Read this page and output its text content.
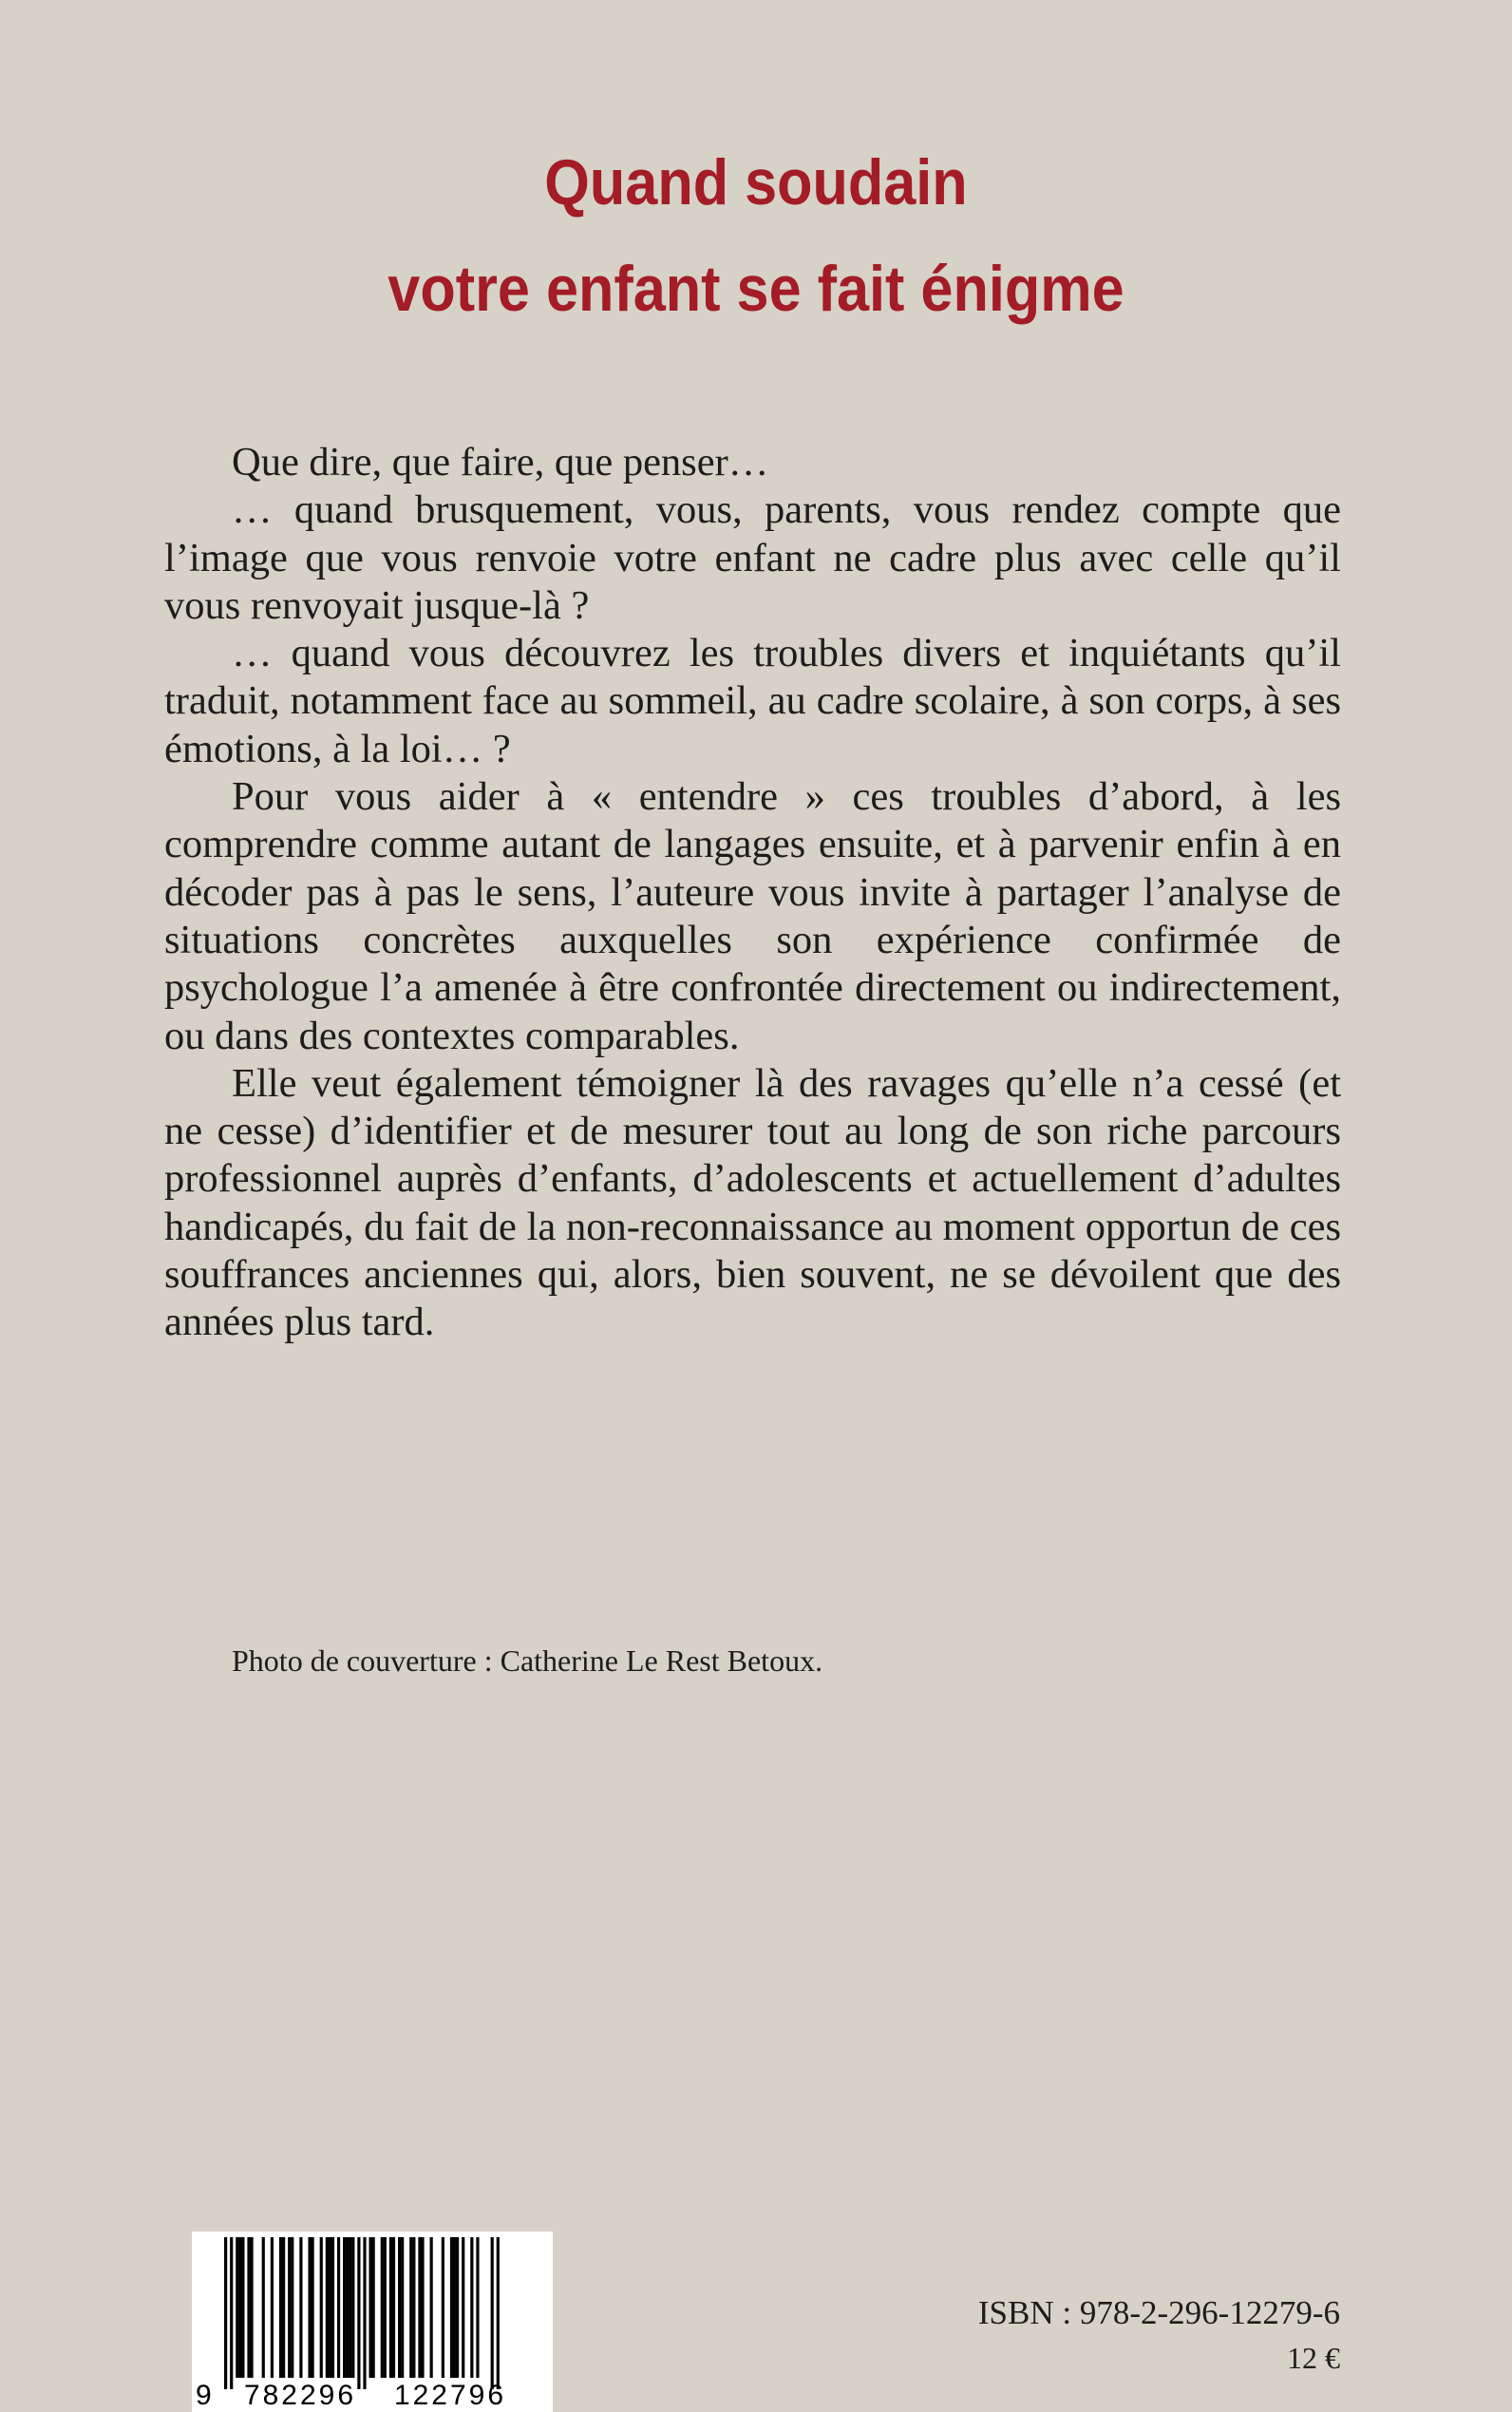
Quand soudain
votre enfant se fait énigme

Que dire, que faire, que penser…

… quand brusquement, vous, parents, vous rendez compte que l’image que vous renvoie votre enfant ne cadre plus avec celle qu’il vous renvoyait jusque-là ?

… quand vous découvrez les troubles divers et inquiétants qu’il traduit, notamment face au sommeil, au cadre scolaire, à son corps, à ses émotions, à la loi… ?

Pour vous aider à « entendre » ces troubles d’abord, à les comprendre comme autant de langages ensuite, et à parvenir enfin à en décoder pas à pas le sens, l’auteure vous invite à partager l’analyse de situations concrètes auxquelles son expérience confirmée de psychologue l’a amenée à être confrontée directement ou indirectement, ou dans des contextes comparables.

Elle veut également témoigner là des ravages qu’elle n’a cessé (et ne cesse) d’identifier et de mesurer tout au long de son riche parcours professionnel auprès d’enfants, d’adolescents et actuellement d’adultes handicapés, du fait de la non-reconnaissance au moment opportun de ces souffrances anciennes qui, alors, bien souvent, ne se dévoilent que des années plus tard.

Photo de couverture : Catherine Le Rest Betoux.
9 782296 122796
ISBN : 978-2-296-12279-6
12 €
